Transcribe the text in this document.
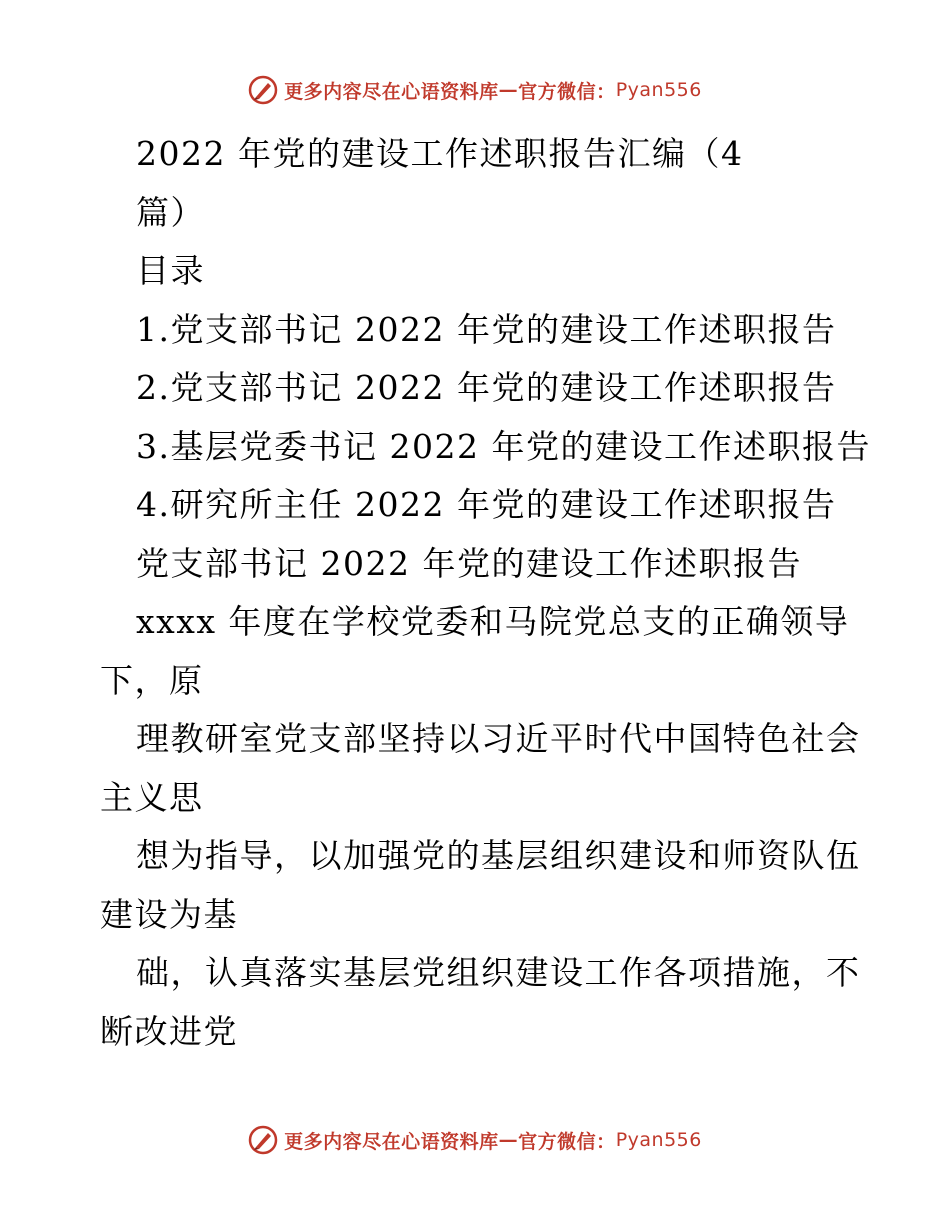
更多内容尽在心语资料库 — 官方微信： Pyan556
2022 年党的建设工作述职报告汇编（4
篇）
目录
1.党支部书记 2022 年党的建设工作述职报告
2.党支部书记 2022 年党的建设工作述职报告
3.基层党委书记 2022 年党的建设工作述职报告
4.研究所主任 2022 年党的建设工作述职报告
党支部书记 2022 年党的建设工作述职报告
xxxx 年度在学校党委和马院党总支的正确领导
下，原
理教研室党支部坚持以习近平时代中国特色社会
主义思
想为指导，以加强党的基层组织建设和师资队伍
建设为基
础，认真落实基层党组织建设工作各项措施，不
断改进党
更多内容尽在心语资料库 — 官方微信： Pyan556
